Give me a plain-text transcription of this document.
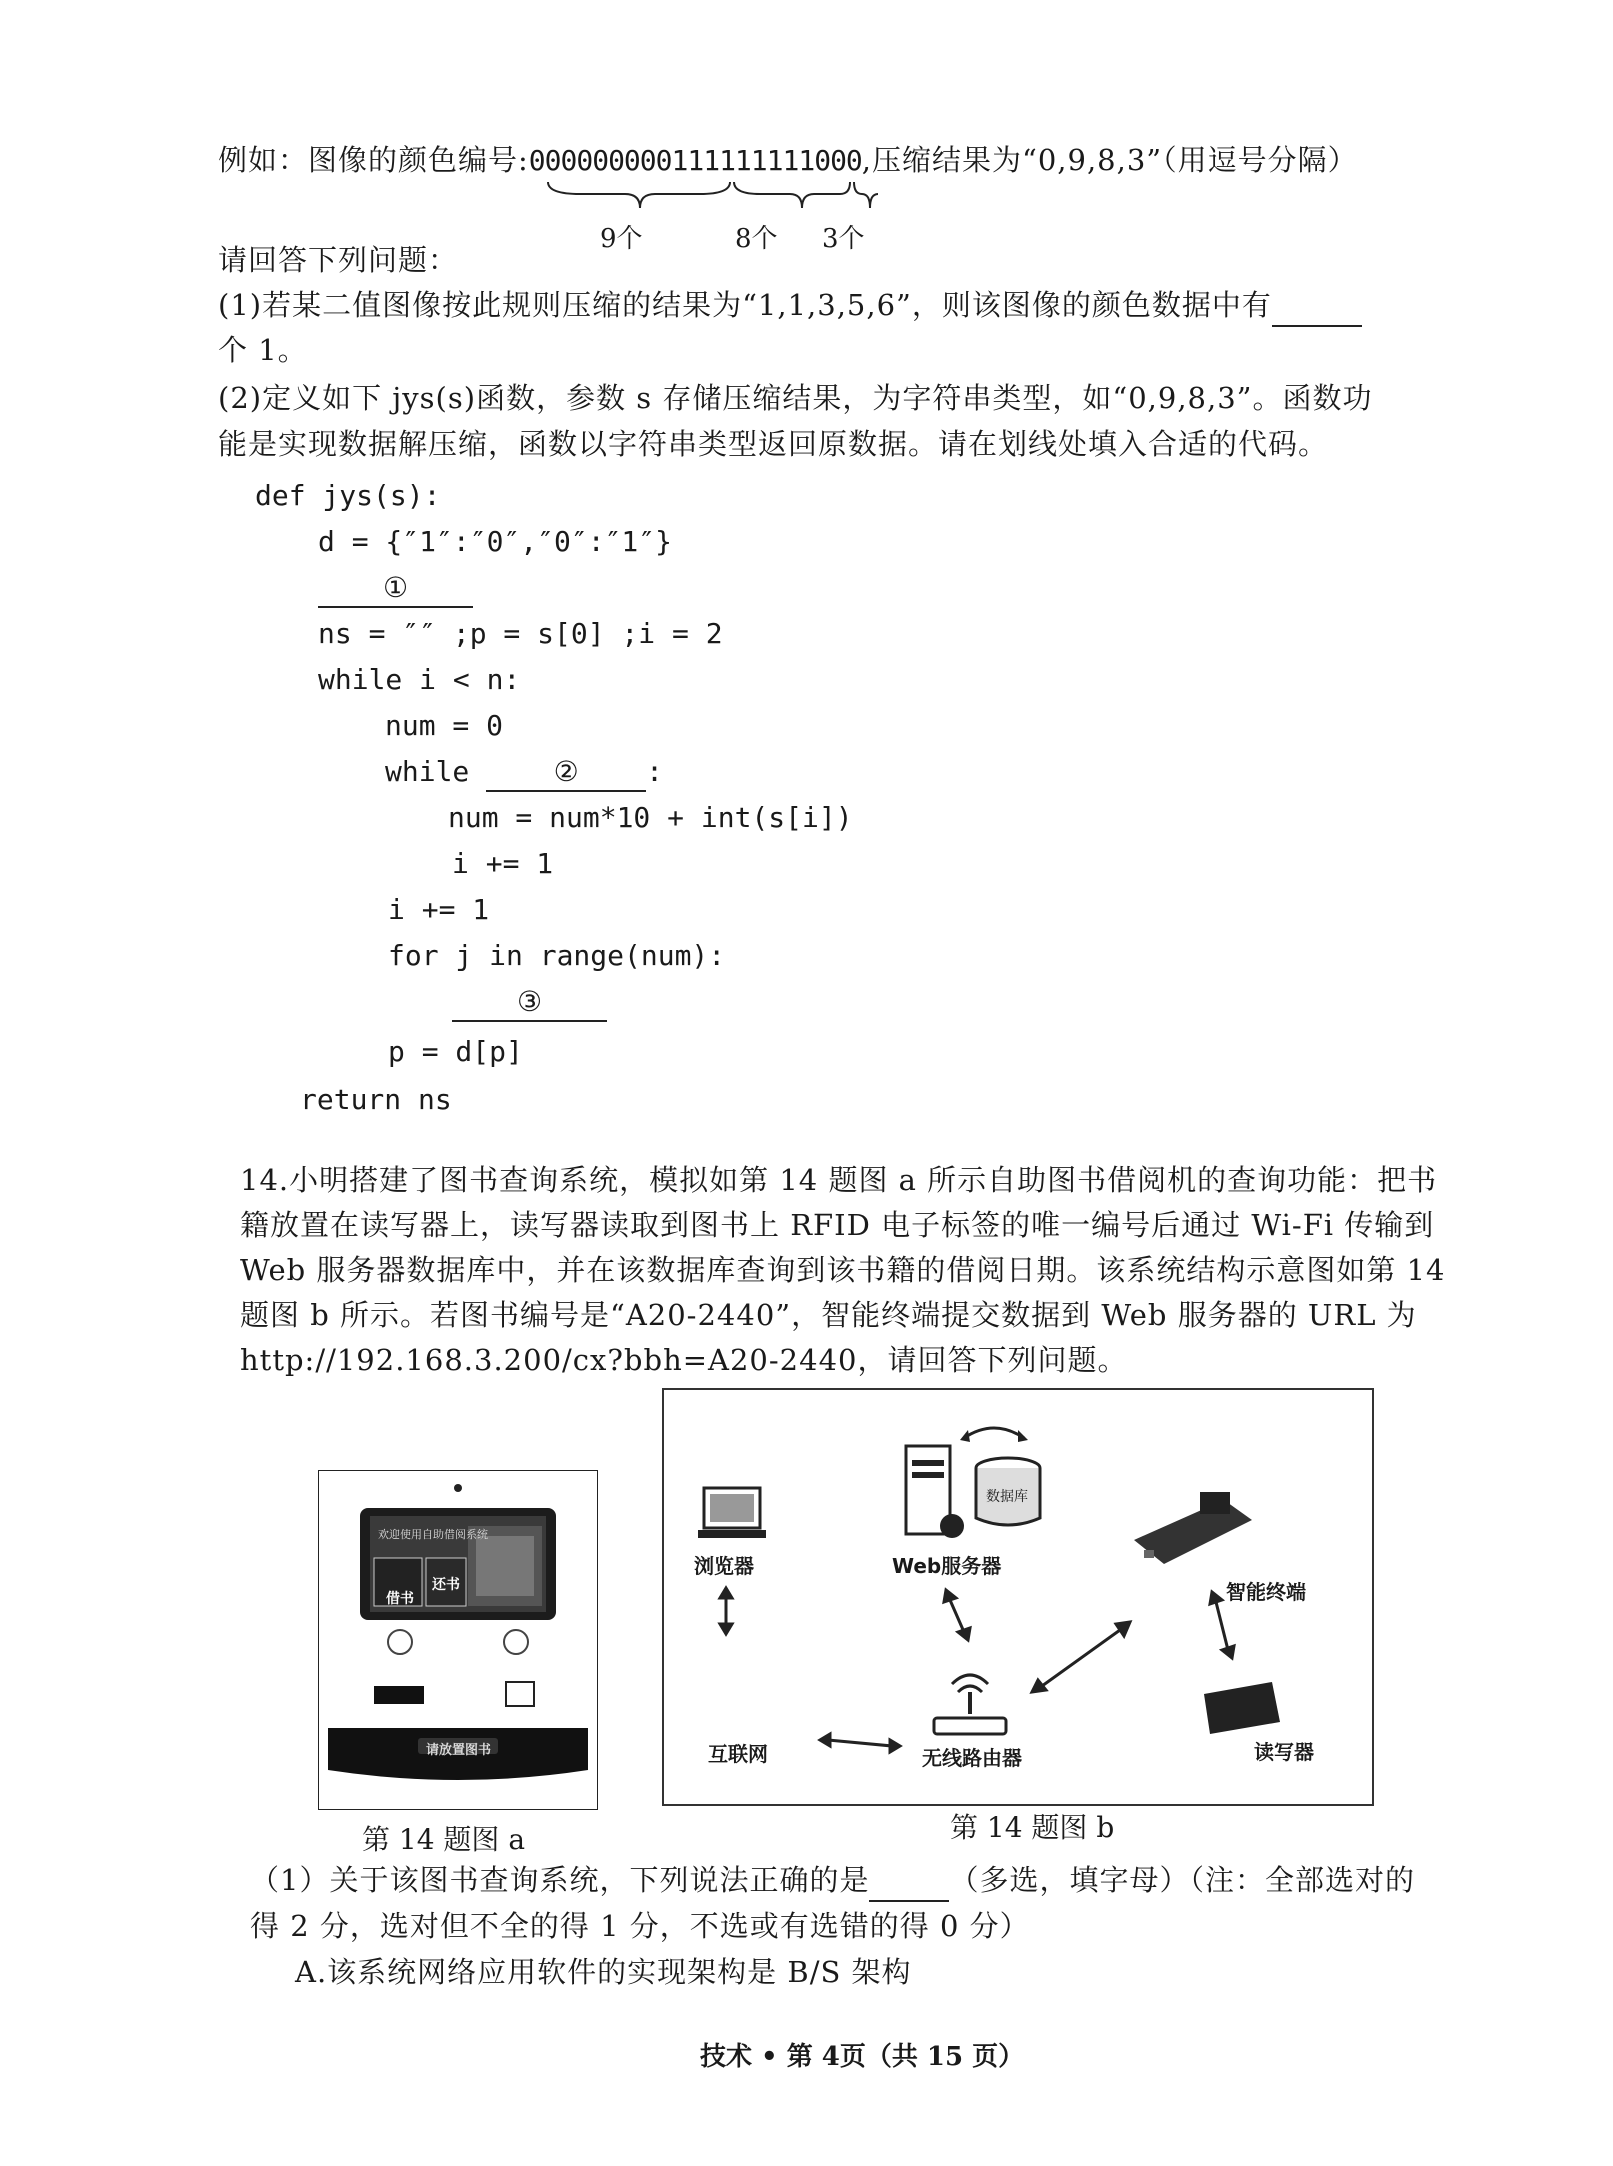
例如：图像的颜色编号:000000000111111111000,压缩结果为“0,9,8,3”（用逗号分隔）
9个	8个 3个
请回答下列问题：
(1)若某二值图像按此规则压缩的结果为“1,1,3,5,6”，则该图像的颜色数据中有
个 1。
(2)定义如下 jys(s)函数，参数 s 存储压缩结果，为字符串类型，如“0,9,8,3”。函数功
能是实现数据解压缩，函数以字符串类型返回原数据。请在划线处填入合适的代码。
def jys(s):
d = {″1″:″0″,″0″:″1″}
①
ns = ″″ ;p = s[0] ;i = 2
while i < n:
num = 0
while	② :
num = num*10 + int(s[i])
i += 1
i += 1
for j in range(num):
③
p = d[p]
return ns
14.小明搭建了图书查询系统，模拟如第 14 题图 a 所示自助图书借阅机的查询功能：把书
籍放置在读写器上，读写器读取到图书上 RFID 电子标签的唯一编号后通过 Wi-Fi 传输到
Web 服务器数据库中，并在该数据库查询到该书籍的借阅日期。该系统结构示意图如第 14
题图 b 所示。若图书编号是“A20-2440”，智能终端提交数据到 Web 服务器的 URL 为
http://192.168.3.200/cx?bbh=A20-2440，请回答下列问题。
欢迎使用自助借阅系统
借书
还书
请放置图书
第 14 题图 a
浏览器	Web服务器
数据库
智能终端
互联网	无线路由器	读写器
第 14 题图 b
（1）关于该图书查询系统，下列说法正确的是	（多选，填字母）（注：全部选对的
得 2 分，选对但不全的得 1 分，不选或有选错的得 0 分）
A.该系统网络应用软件的实现架构是 B/S 架构
技术 • 第 4页（共 15 页）
